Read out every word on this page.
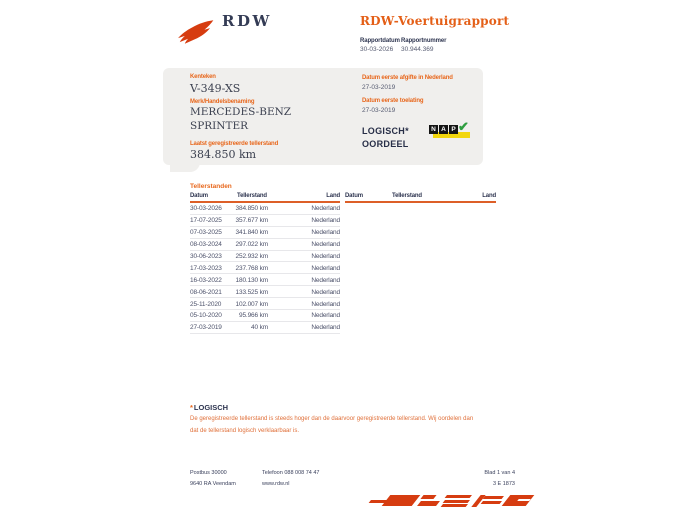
RDW	RDW-Voertuigrapport
Rapportdatum Rapportnummer
30-03-2026 30.944.369
Kenteken
V-349-XS
Merk/Handelsbenaming
MERCEDES-BENZ
SPRINTER
Laatst geregistreerde tellerstand
384.850 km
Datum eerste afgifte in Nederland
27-03-2019
Datum eerste toelating
27-03-2019
LOGISCH*
OORDEEL
N A P ✔
Tellerstanden
Datum	Tellerstand	Land
30-03-2026	384.850 km	Nederland
17-07-2025	357.677 km	Nederland
07-03-2025	341.840 km	Nederland
08-03-2024	297.022 km	Nederland
30-06-2023	252.932 km	Nederland
17-03-2023	237.768 km	Nederland
16-03-2022	180.130 km	Nederland
08-06-2021	133.525 km	Nederland
25-11-2020	102.007 km	Nederland
05-10-2020	95.966 km	Nederland
27-03-2019	40 km	Nederland
Datum	Tellerstand	Land
*LOGISCH
De geregistreerde tellerstand is steeds hoger dan de daarvoor geregistreerde tellerstand. Wij oordelen dan dat de tellerstand logisch verklaarbaar is.
Postbus 30000
9640 RA Veendam
Telefoon 088 008 74 47
www.rdw.nl
Blad 1 van 4
3 E 1873
